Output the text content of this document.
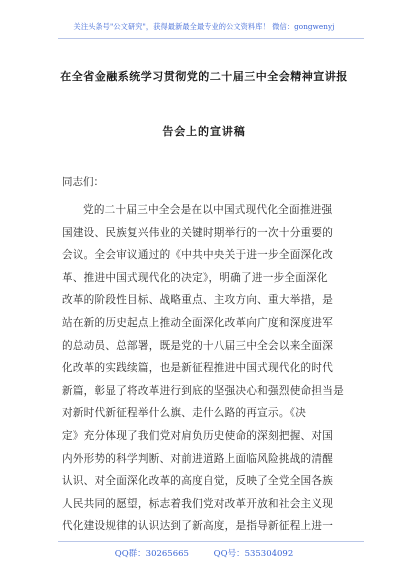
关注头条号"公文研究"，获得最新最全最专业的公文资料库！ 微信：gongwenyj
在全省金融系统学习贯彻党的二十届三中全会精神宣讲报
告会上的宣讲稿
同志们：
党的二十届三中全会是在以中国式现代化全面推进强
国建设、民族复兴伟业的关键时期举行的一次十分重要的
会议。全会审议通过的《中共中央关于进一步全面深化改
革、推进中国式现代化的决定》，明确了进一步全面深化
改革的阶段性目标、战略重点、主攻方向、重大举措，是
站在新的历史起点上推动全面深化改革向广度和深度进军
的总动员、总部署，既是党的十八届三中全会以来全面深
化改革的实践续篇，也是新征程推进中国式现代化的时代
新篇，彰显了将改革进行到底的坚强决心和强烈使命担当是
对新时代新征程举什么旗、走什么路的再宣示。《决
定》充分体现了我们党对肩负历史使命的深刻把握、对国
内外形势的科学判断、对前进道路上面临风险挑战的清醒
认识、对全面深化改革的高度自觉，反映了全党全国各族
人民共同的愿望，标志着我们党对改革开放和社会主义现
代化建设规律的认识达到了新高度，是指导新征程上进一
QQ群：30265665	QQ号：535304092
